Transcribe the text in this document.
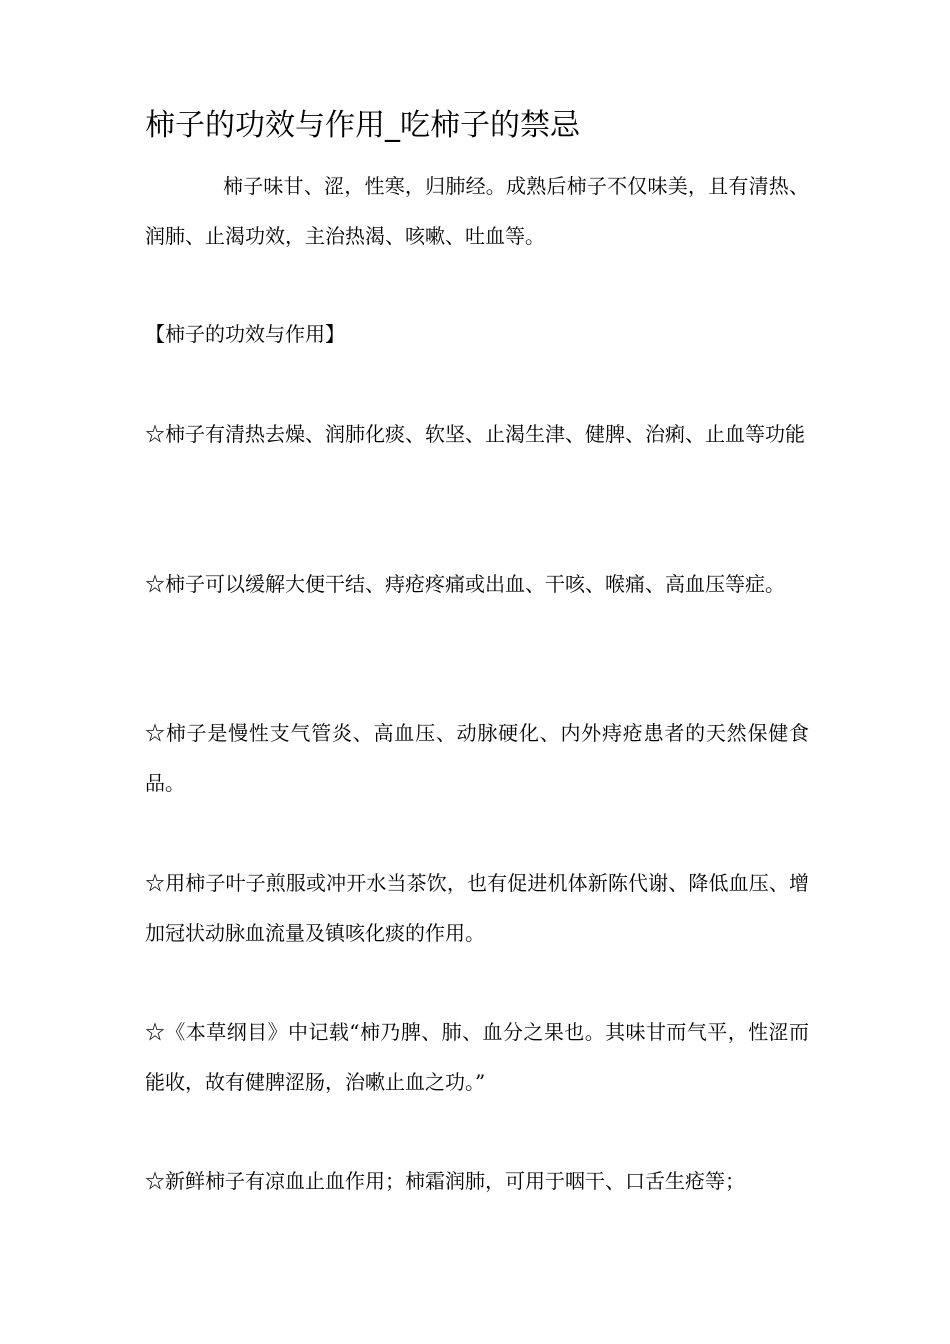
柿子的功效与作用_吃柿子的禁忌

柿子味甘、涩，性寒，归肺经。成熟后柿子不仅味美，且有清热、润肺、止渴功效，主治热渴、咳嗽、吐血等。

【柿子的功效与作用】

☆柿子有清热去燥、润肺化痰、软坚、止渴生津、健脾、治痢、止血等功能

☆柿子可以缓解大便干结、痔疮疼痛或出血、干咳、喉痛、高血压等症。

☆柿子是慢性支气管炎、高血压、动脉硬化、内外痔疮患者的天然保健食品。

☆用柿子叶子煎服或冲开水当茶饮，也有促进机体新陈代谢、降低血压、增加冠状动脉血流量及镇咳化痰的作用。

☆《本草纲目》中记载“柿乃脾、肺、血分之果也。其味甘而气平，性涩而能收，故有健脾涩肠，治嗽止血之功。”

☆新鲜柿子有凉血止血作用；柿霜润肺，可用于咽干、口舌生疮等；
